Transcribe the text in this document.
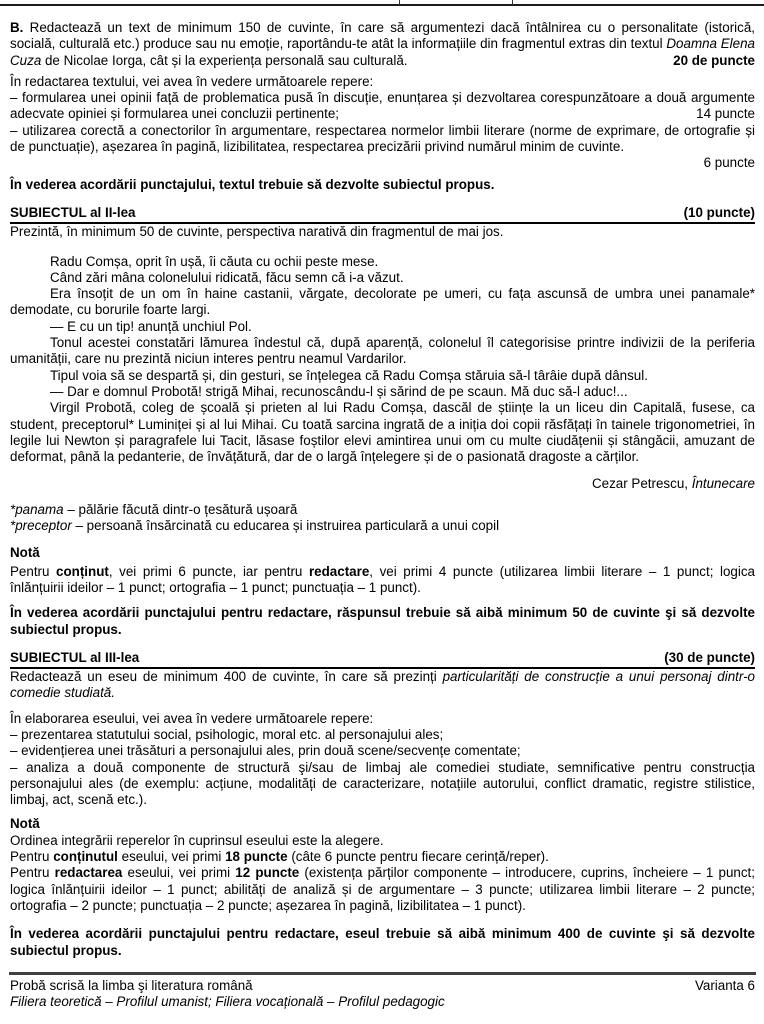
B. Redactează un text de minimum 150 de cuvinte, în care să argumentezi dacă întâlnirea cu o personalitate (istorică, socială, culturală etc.) produce sau nu emoție, raportându-te atât la informațiile din fragmentul extras din textul Doamna Elena Cuza de Nicolae Iorga, cât și la experiența personală sau culturală.	20 de puncte

În redactarea textului, vei avea în vedere următoarele repere:

– formularea unei opinii față de problematica pusă în discuție, enunțarea și dezvoltarea corespunzătoare a două argumente adecvate opiniei și formularea unei concluzii pertinente;	14 puncte

– utilizarea corectă a conectorilor în argumentare, respectarea normelor limbii literare (norme de exprimare, de ortografie și de punctuație), așezarea în pagină, lizibilitatea, respectarea precizării privind numărul minim de cuvinte.

6 puncte

În vederea acordării punctajului, textul trebuie să dezvolte subiectul propus.

SUBIECTUL al II-lea	(10 puncte)

Prezintă, în minimum 50 de cuvinte, perspectiva narativă din fragmentul de mai jos.

Radu Comșa, oprit în ușă, îi căuta cu ochii peste mese.

Când zări mâna colonelului ridicată, făcu semn că i-a văzut.

Era însoțit de un om în haine castanii, vărgate, decolorate pe umeri, cu fața ascunsă de umbra unei panamale* demodate, cu borurile foarte largi.

— E cu un tip! anunță unchiul Pol.

Tonul acestei constatări lămurea îndestul că, după aparență, colonelul îl categorisise printre indivizii de la periferia umanității, care nu prezintă niciun interes pentru neamul Vardarilor.

Tipul voia să se despartă și, din gesturi, se înțelegea că Radu Comșa stăruia să-l târâie după dânsul.

— Dar e domnul Probotă! strigă Mihai, recunoscându-l și sărind de pe scaun. Mă duc să-l aduc!...

Virgil Probotă, coleg de școală și prieten al lui Radu Comșa, dascăl de științe la un liceu din Capitală, fusese, ca student, preceptorul* Luminiței și al lui Mihai. Cu toată sarcina ingrată de a iniția doi copii răsfățați în tainele trigonometriei, în legile lui Newton și paragrafele lui Tacit, lăsase foștilor elevi amintirea unui om cu multe ciudățenii și stângăcii, amuzant de deformat, până la pedanterie, de învățătură, dar de o largă înțelegere și de o pasionată dragoste a cărților.

Cezar Petrescu, Întunecare

*panama – pălărie făcută dintr-o țesătură ușoară

*preceptor – persoană însărcinată cu educarea și instruirea particulară a unui copil

Notă

Pentru conținut, vei primi 6 puncte, iar pentru redactare, vei primi 4 puncte (utilizarea limbii literare – 1 punct; logica înlănțuirii ideilor – 1 punct; ortografia – 1 punct; punctuația – 1 punct).

În vederea acordării punctajului pentru redactare, răspunsul trebuie să aibă minimum 50 de cuvinte şi să dezvolte subiectul propus.

SUBIECTUL al III-lea	(30 de puncte)

Redactează un eseu de minimum 400 de cuvinte, în care să prezinți particularități de construcție a unui personaj dintr-o comedie studiată.

În elaborarea eseului, vei avea în vedere următoarele repere:

– prezentarea statutului social, psihologic, moral etc. al personajului ales;

– evidențierea unei trăsături a personajului ales, prin două scene/secvențe comentate;

– analiza a două componente de structură şi/sau de limbaj ale comediei studiate, semnificative pentru construcția personajului ales (de exemplu: acțiune, modalități de caracterizare, notațiile autorului, conflict dramatic, registre stilistice, limbaj, act, scenă etc.).

Notă

Ordinea integrării reperelor în cuprinsul eseului este la alegere.

Pentru conținutul eseului, vei primi 18 puncte (câte 6 puncte pentru fiecare cerință/reper).

Pentru redactarea eseului, vei primi 12 puncte (existența părților componente – introducere, cuprins, încheiere – 1 punct; logica înlănțuirii ideilor – 1 punct; abilități de analiză și de argumentare – 3 puncte; utilizarea limbii literare – 2 puncte; ortografia – 2 puncte; punctuația – 2 puncte; așezarea în pagină, lizibilitatea – 1 punct).

În vederea acordării punctajului pentru redactare, eseul trebuie să aibă minimum 400 de cuvinte şi să dezvolte subiectul propus.

Probă scrisă la limba şi literatura română	Varianta 6
Filiera teoretică – Profilul umanist; Filiera vocațională – Profilul pedagogic
